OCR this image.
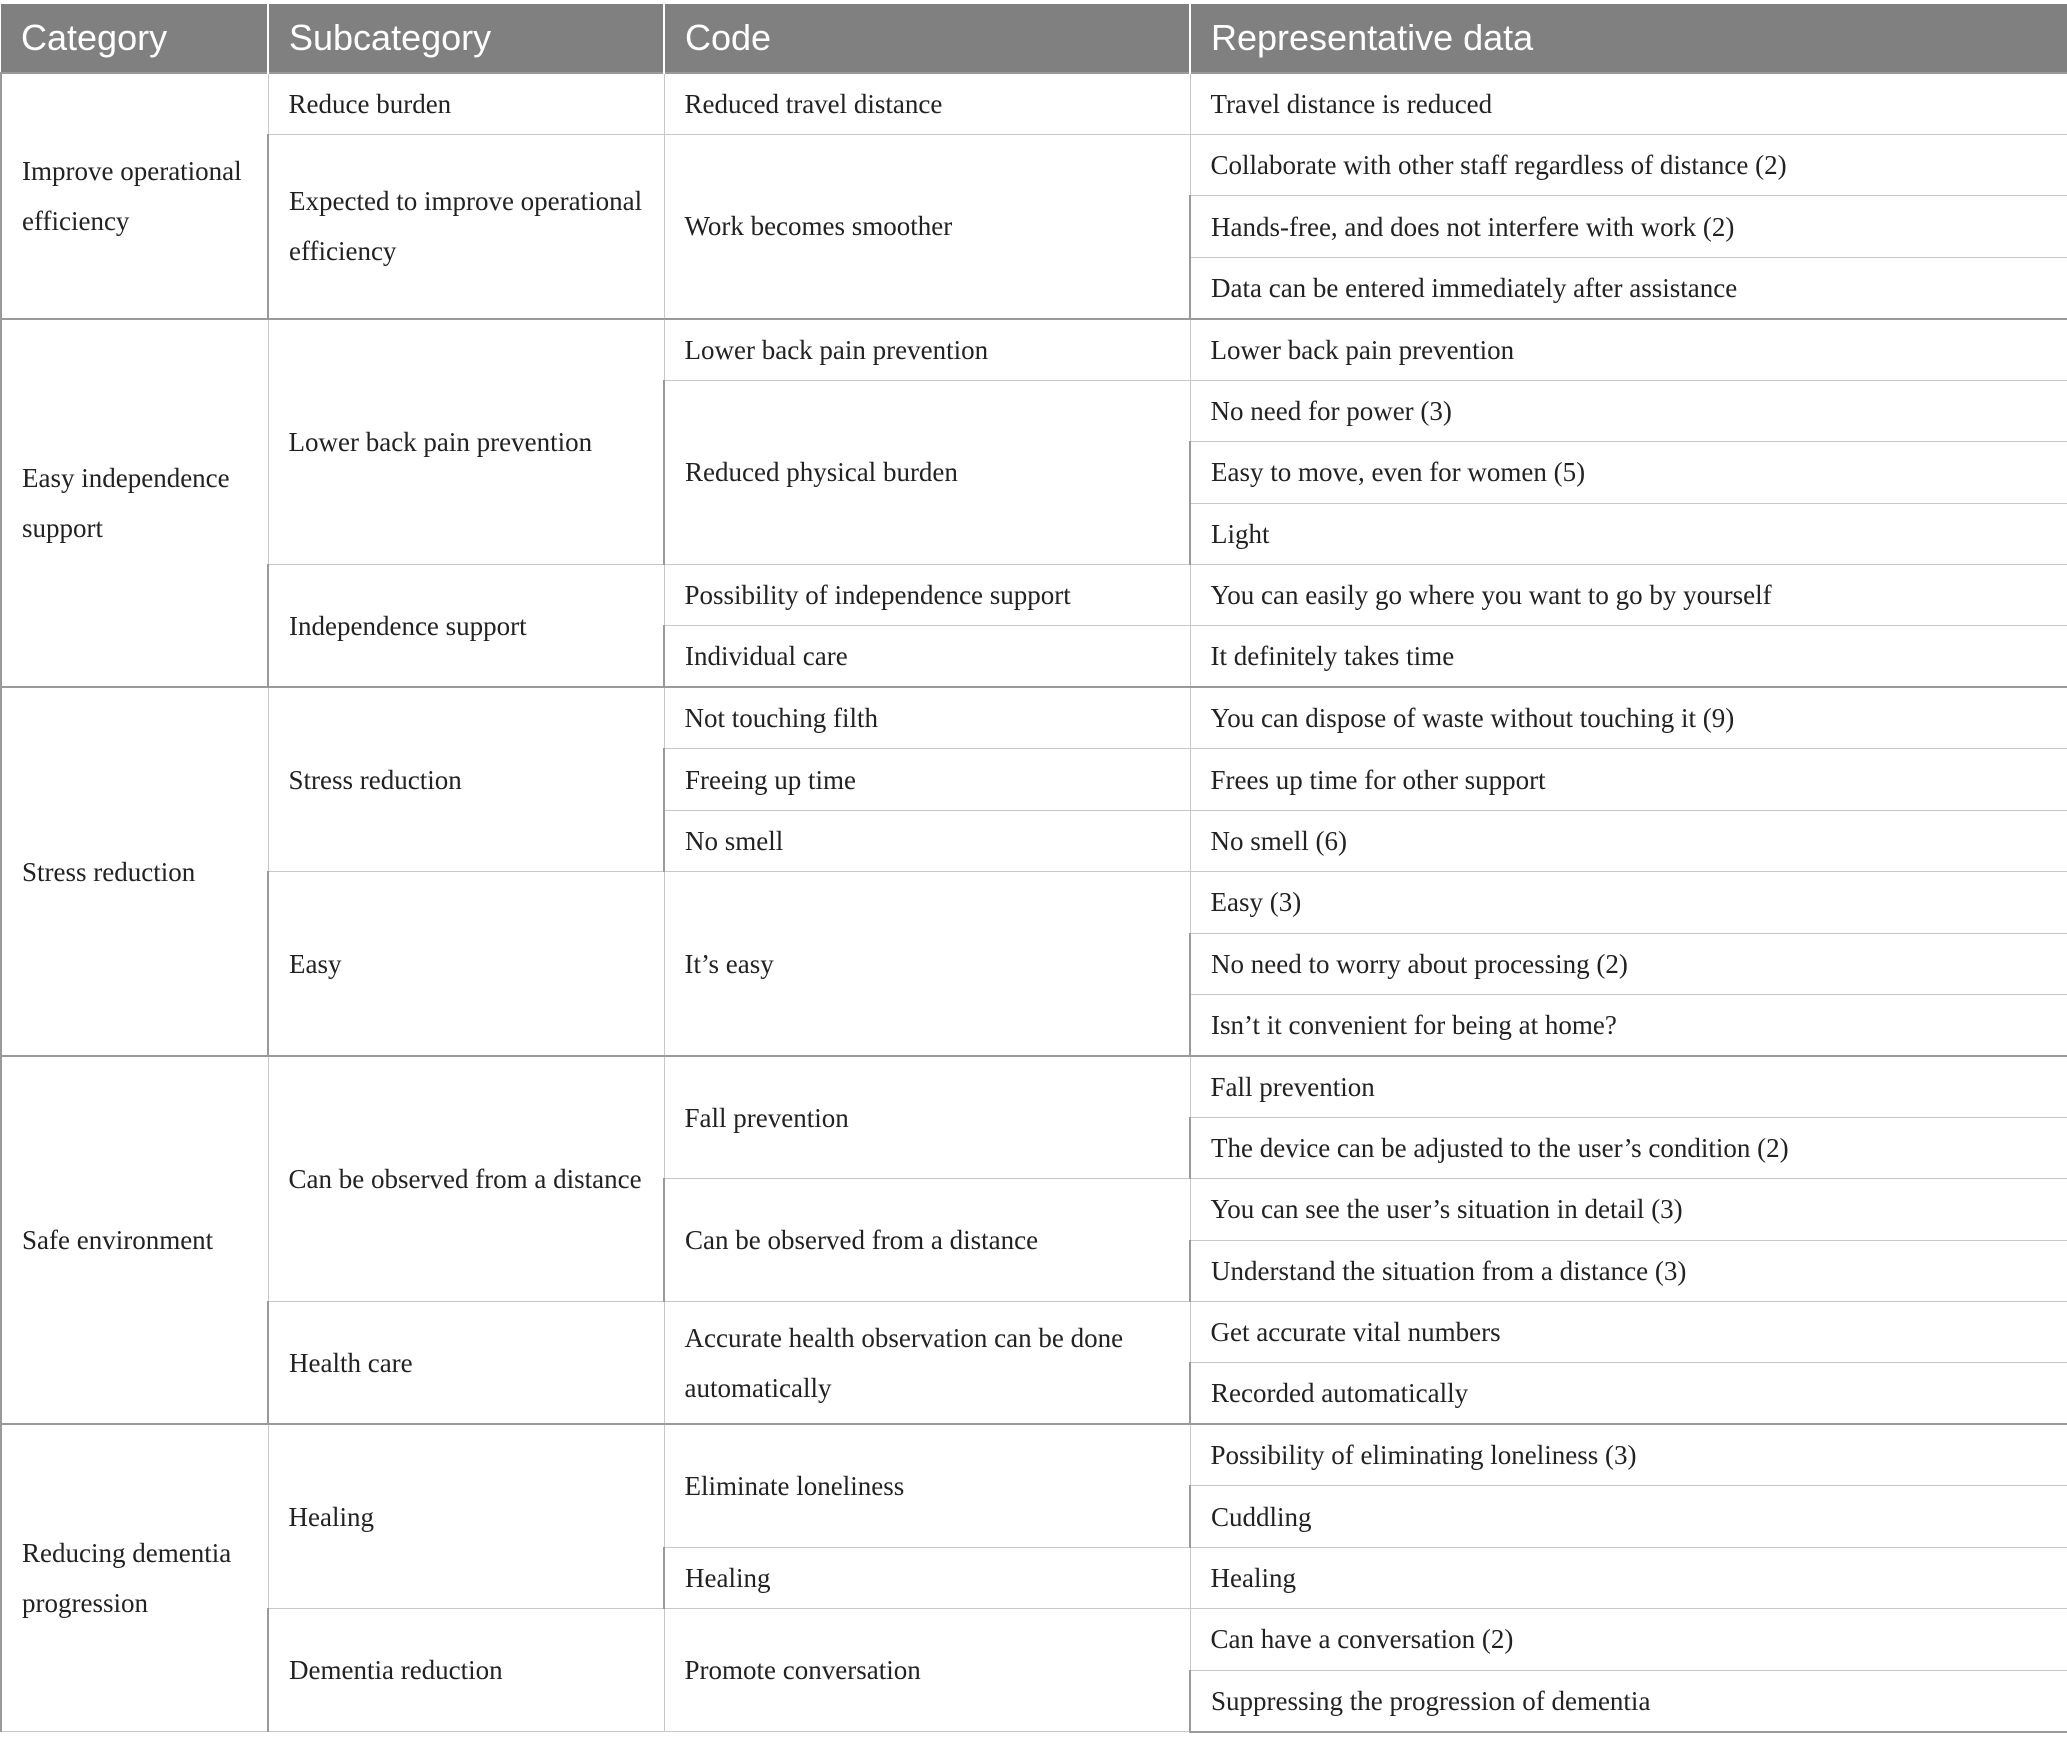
Category	Subcategory	Code	Representative data
Improve operational efficiency	Reduce burden	Reduced travel distance	Travel distance is reduced
	Expected to improve operational efficiency	Work becomes smoother	Collaborate with other staff regardless of distance (2)
			Hands-free, and does not interfere with work (2)
			Data can be entered immediately after assistance
Easy independence support	Lower back pain prevention	Lower back pain prevention	Lower back pain prevention
		Reduced physical burden	No need for power (3)
			Easy to move, even for women (5)
			Light
	Independence support	Possibility of independence support	You can easily go where you want to go by yourself
		Individual care	It definitely takes time
Stress reduction	Stress reduction	Not touching filth	You can dispose of waste without touching it (9)
		Freeing up time	Frees up time for other support
		No smell	No smell (6)
	Easy	It’s easy	Easy (3)
			No need to worry about processing (2)
			Isn’t it convenient for being at home?
Safe environment	Can be observed from a distance	Fall prevention	Fall prevention
			The device can be adjusted to the user’s condition (2)
		Can be observed from a distance	You can see the user’s situation in detail (3)
			Understand the situation from a distance (3)
	Health care	Accurate health observation can be done automatically	Get accurate vital numbers
			Recorded automatically
Reducing dementia progression	Healing	Eliminate loneliness	Possibility of eliminating loneliness (3)
			Cuddling
		Healing	Healing
	Dementia reduction	Promote conversation	Can have a conversation (2)
			Suppressing the progression of dementia
